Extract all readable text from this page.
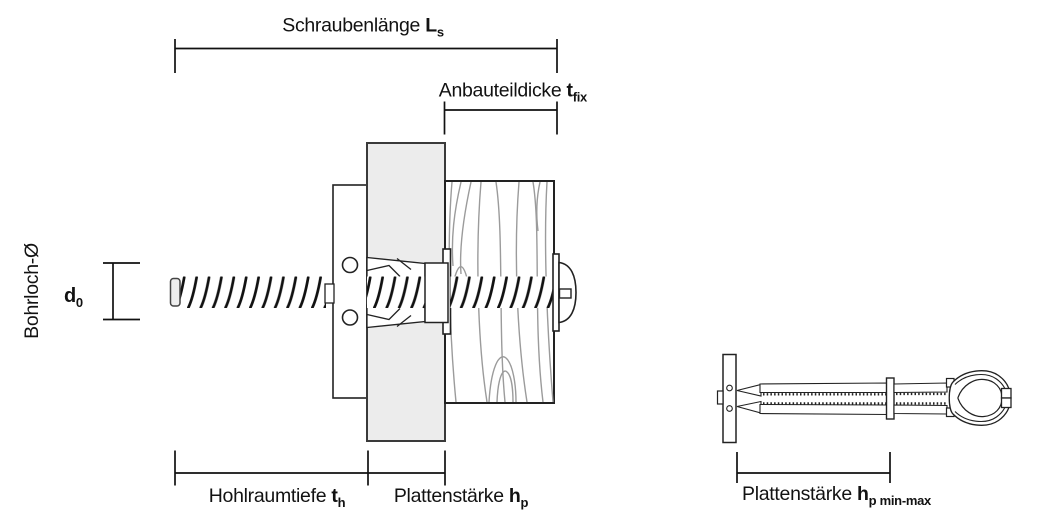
Schraubenlänge $L_s$
Anbauteildicke $t_{fix}$
Bohrloch-Ø $d_0$
Hohlraumtiefe $t_h$ Plattenstärke $h_p$	Plattenstärke $h_{p min-max}$
